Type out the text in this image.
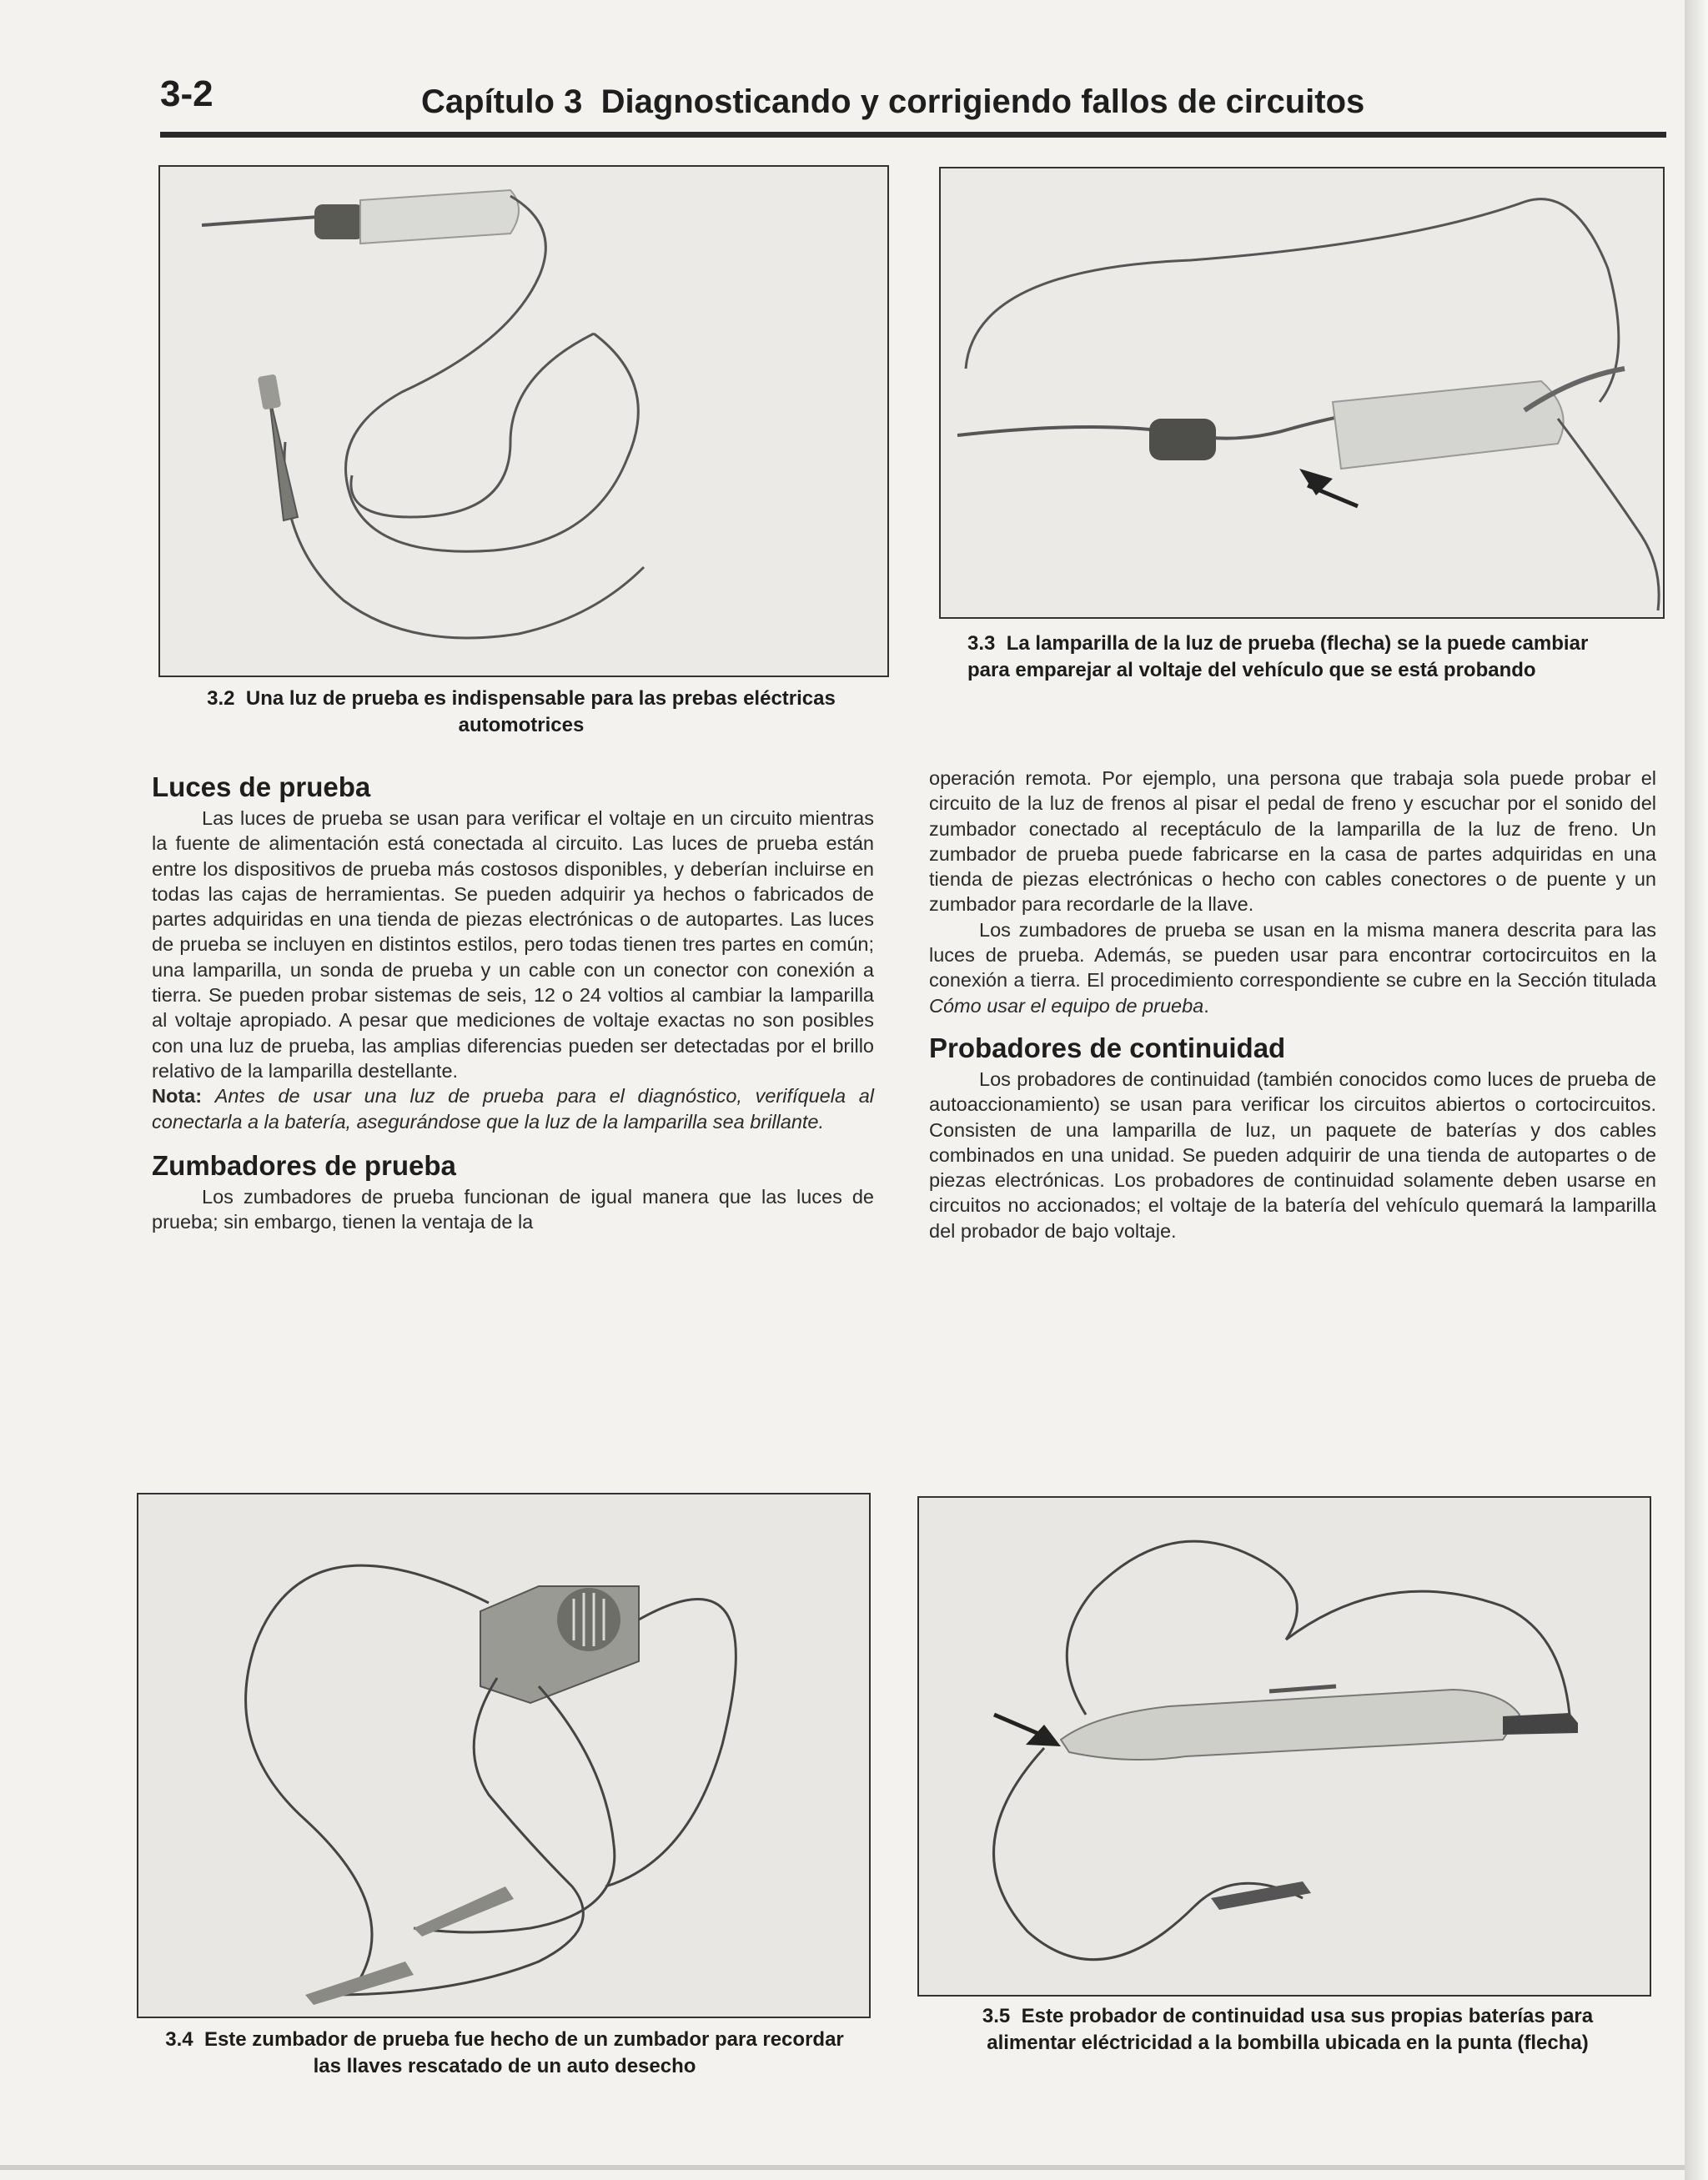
3-2	Capítulo 3  Diagnosticando y corrigiendo fallos de circuitos
3.2 Una luz de prueba es indispensable para las prebas eléctricas automotrices
3.3 La lamparilla de la luz de prueba (flecha) se la puede cambiar para emparejar al voltaje del vehículo que se está probando
Luces de prueba

Las luces de prueba se usan para verificar el voltaje en un circuito mientras la fuente de alimentación está conectada al circuito. Las luces de prueba están entre los dispositivos de prueba más costosos disponibles, y deberían incluirse en todas las cajas de herramientas. Se pueden adquirir ya hechos o fabricados de partes adquiridas en una tienda de piezas electrónicas o de autopartes. Las luces de prueba se incluyen en distintos estilos, pero todas tienen tres partes en común; una lamparilla, un sonda de prueba y un cable con un conector con conexión a tierra. Se pueden probar sistemas de seis, 12 o 24 voltios al cambiar la lamparilla al voltaje apropiado. A pesar que mediciones de voltaje exactas no son posibles con una luz de prueba, las amplias diferencias pueden ser detectadas por el brillo relativo de la lamparilla destellante.

Nota: Antes de usar una luz de prueba para el diagnóstico, verifíquela al conectarla a la batería, asegurándose que la luz de la lamparilla sea brillante.

Zumbadores de prueba

Los zumbadores de prueba funcionan de igual manera que las luces de prueba; sin embargo, tienen la ventaja de la

operación remota. Por ejemplo, una persona que trabaja sola puede probar el circuito de la luz de frenos al pisar el pedal de freno y escuchar por el sonido del zumbador conectado al receptáculo de la lamparilla de la luz de freno. Un zumbador de prueba puede fabricarse en la casa de partes adquiridas en una tienda de piezas electrónicas o hecho con cables conectores o de puente y un zumbador para recordarle de la llave.

Los zumbadores de prueba se usan en la misma manera descrita para las luces de prueba. Además, se pueden usar para encontrar cortocircuitos en la conexión a tierra. El procedimiento correspondiente se cubre en la Sección titulada Cómo usar el equipo de prueba.

Probadores de continuidad

Los probadores de continuidad (también conocidos como luces de prueba de autoaccionamiento) se usan para verificar los circuitos abiertos o cortocircuitos. Consisten de una lamparilla de luz, un paquete de baterías y dos cables combinados en una unidad. Se pueden adquirir de una tienda de autopartes o de piezas electrónicas. Los probadores de continuidad solamente deben usarse en circuitos no accionados; el voltaje de la batería del vehículo quemará la lamparilla del probador de bajo voltaje.

3.4 Este zumbador de prueba fue hecho de un zumbador para recordar las llaves rescatado de un auto desecho
3.5 Este probador de continuidad usa sus propias baterías para alimentar eléctricidad a la bombilla ubicada en la punta (flecha)
